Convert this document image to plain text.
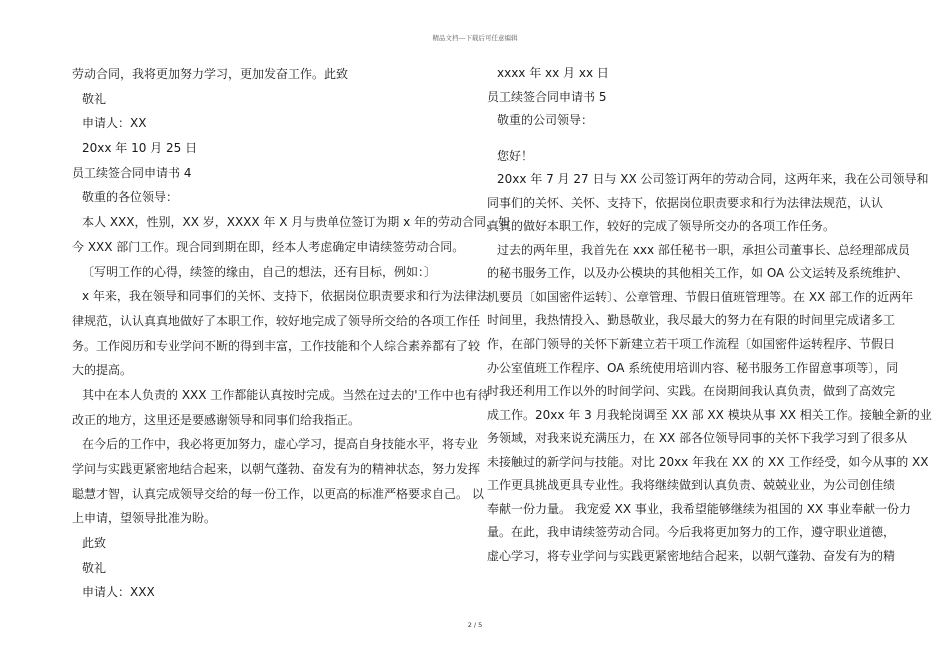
精品文档---下载后可任意编辑
劳动合同，我将更加努力学习，更加发奋工作。此致
敬礼
申请人：XX
20xx 年 10 月 25 日
员工续签合同申请书 4
敬重的各位领导：
本人 XXX，性别，XX 岁，XXXX 年 X 月与贵单位签订为期 x 年的劳动合同，如
今 XXX 部门工作。现合同到期在即，经本人考虑确定申请续签劳动合同。
〔写明工作的心得，续签的缘由，自己的想法，还有目标，例如：〕
x 年来，我在领导和同事们的关怀、支持下，依据岗位职责要求和行为法律法
律规范，认认真真地做好了本职工作，较好地完成了领导所交给的各项工作任
务。工作阅历和专业学问不断的得到丰富，工作技能和个人综合素养都有了较
大的提高。
其中在本人负责的 XXX 工作都能认真按时完成。当然在过去的'工作中也有待
改正的地方，这里还是要感谢领导和同事们给我指正。
在今后的工作中，我必将更加努力，虚心学习，提高自身技能水平，将专业
学问与实践更紧密地结合起来，以朝气蓬勃、奋发有为的精神状态，努力发挥
聪慧才智，认真完成领导交给的每一份工作，以更高的标准严格要求自己。 以
上申请，望领导批准为盼。
此致
敬礼
申请人：XXX
xxxx 年 xx 月 xx 日
员工续签合同申请书 5
敬重的公司领导：
您好！
20xx 年 7 月 27 日与 XX 公司签订两年的劳动合同，这两年来，我在公司领导和
同事们的关怀、关怀、支持下，依据岗位职责要求和行为法律法规范，认认
真真的做好本职工作，较好的完成了领导所交办的各项工作任务。
过去的两年里，我首先在 xxx 部任秘书一职，承担公司董事长、总经理部成员
的秘书服务工作，以及办公模块的其他相关工作，如 OA 公文运转及系统维护、
机要员〔如国密件运转〕、公章管理、节假日值班管理等。在 XX 部工作的近两年
时间里，我热情投入、勤恳敬业，我尽最大的努力在有限的时间里完成诸多工
作，在部门领导的关怀下新建立若干项工作流程〔如国密件运转程序、节假日
办公室值班工作程序、OA 系统使用培训内容、秘书服务工作留意事项等〕，同
时我还利用工作以外的时间学问、实践。在岗期间我认真负责，做到了高效完
成工作。20xx 年 3 月我轮岗调至 XX 部 XX 模块从事 XX 相关工作。接触全新的业
务领域，对我来说充满压力，在 XX 部各位领导同事的关怀下我学习到了很多从
未接触过的新学问与技能。对比 20xx 年我在 XX 的 XX 工作经受，如今从事的 XX
工作更具挑战更具专业性。我将继续做到认真负责、兢兢业业，为公司创佳绩
奉献一份力量。 我宠爱 XX 事业，我希望能够继续为祖国的 XX 事业奉献一份力
量。在此，我申请续签劳动合同。今后我将更加努力的工作，遵守职业道德，
虚心学习，将专业学问与实践更紧密地结合起来，以朝气蓬勃、奋发有为的精
2 / 5
